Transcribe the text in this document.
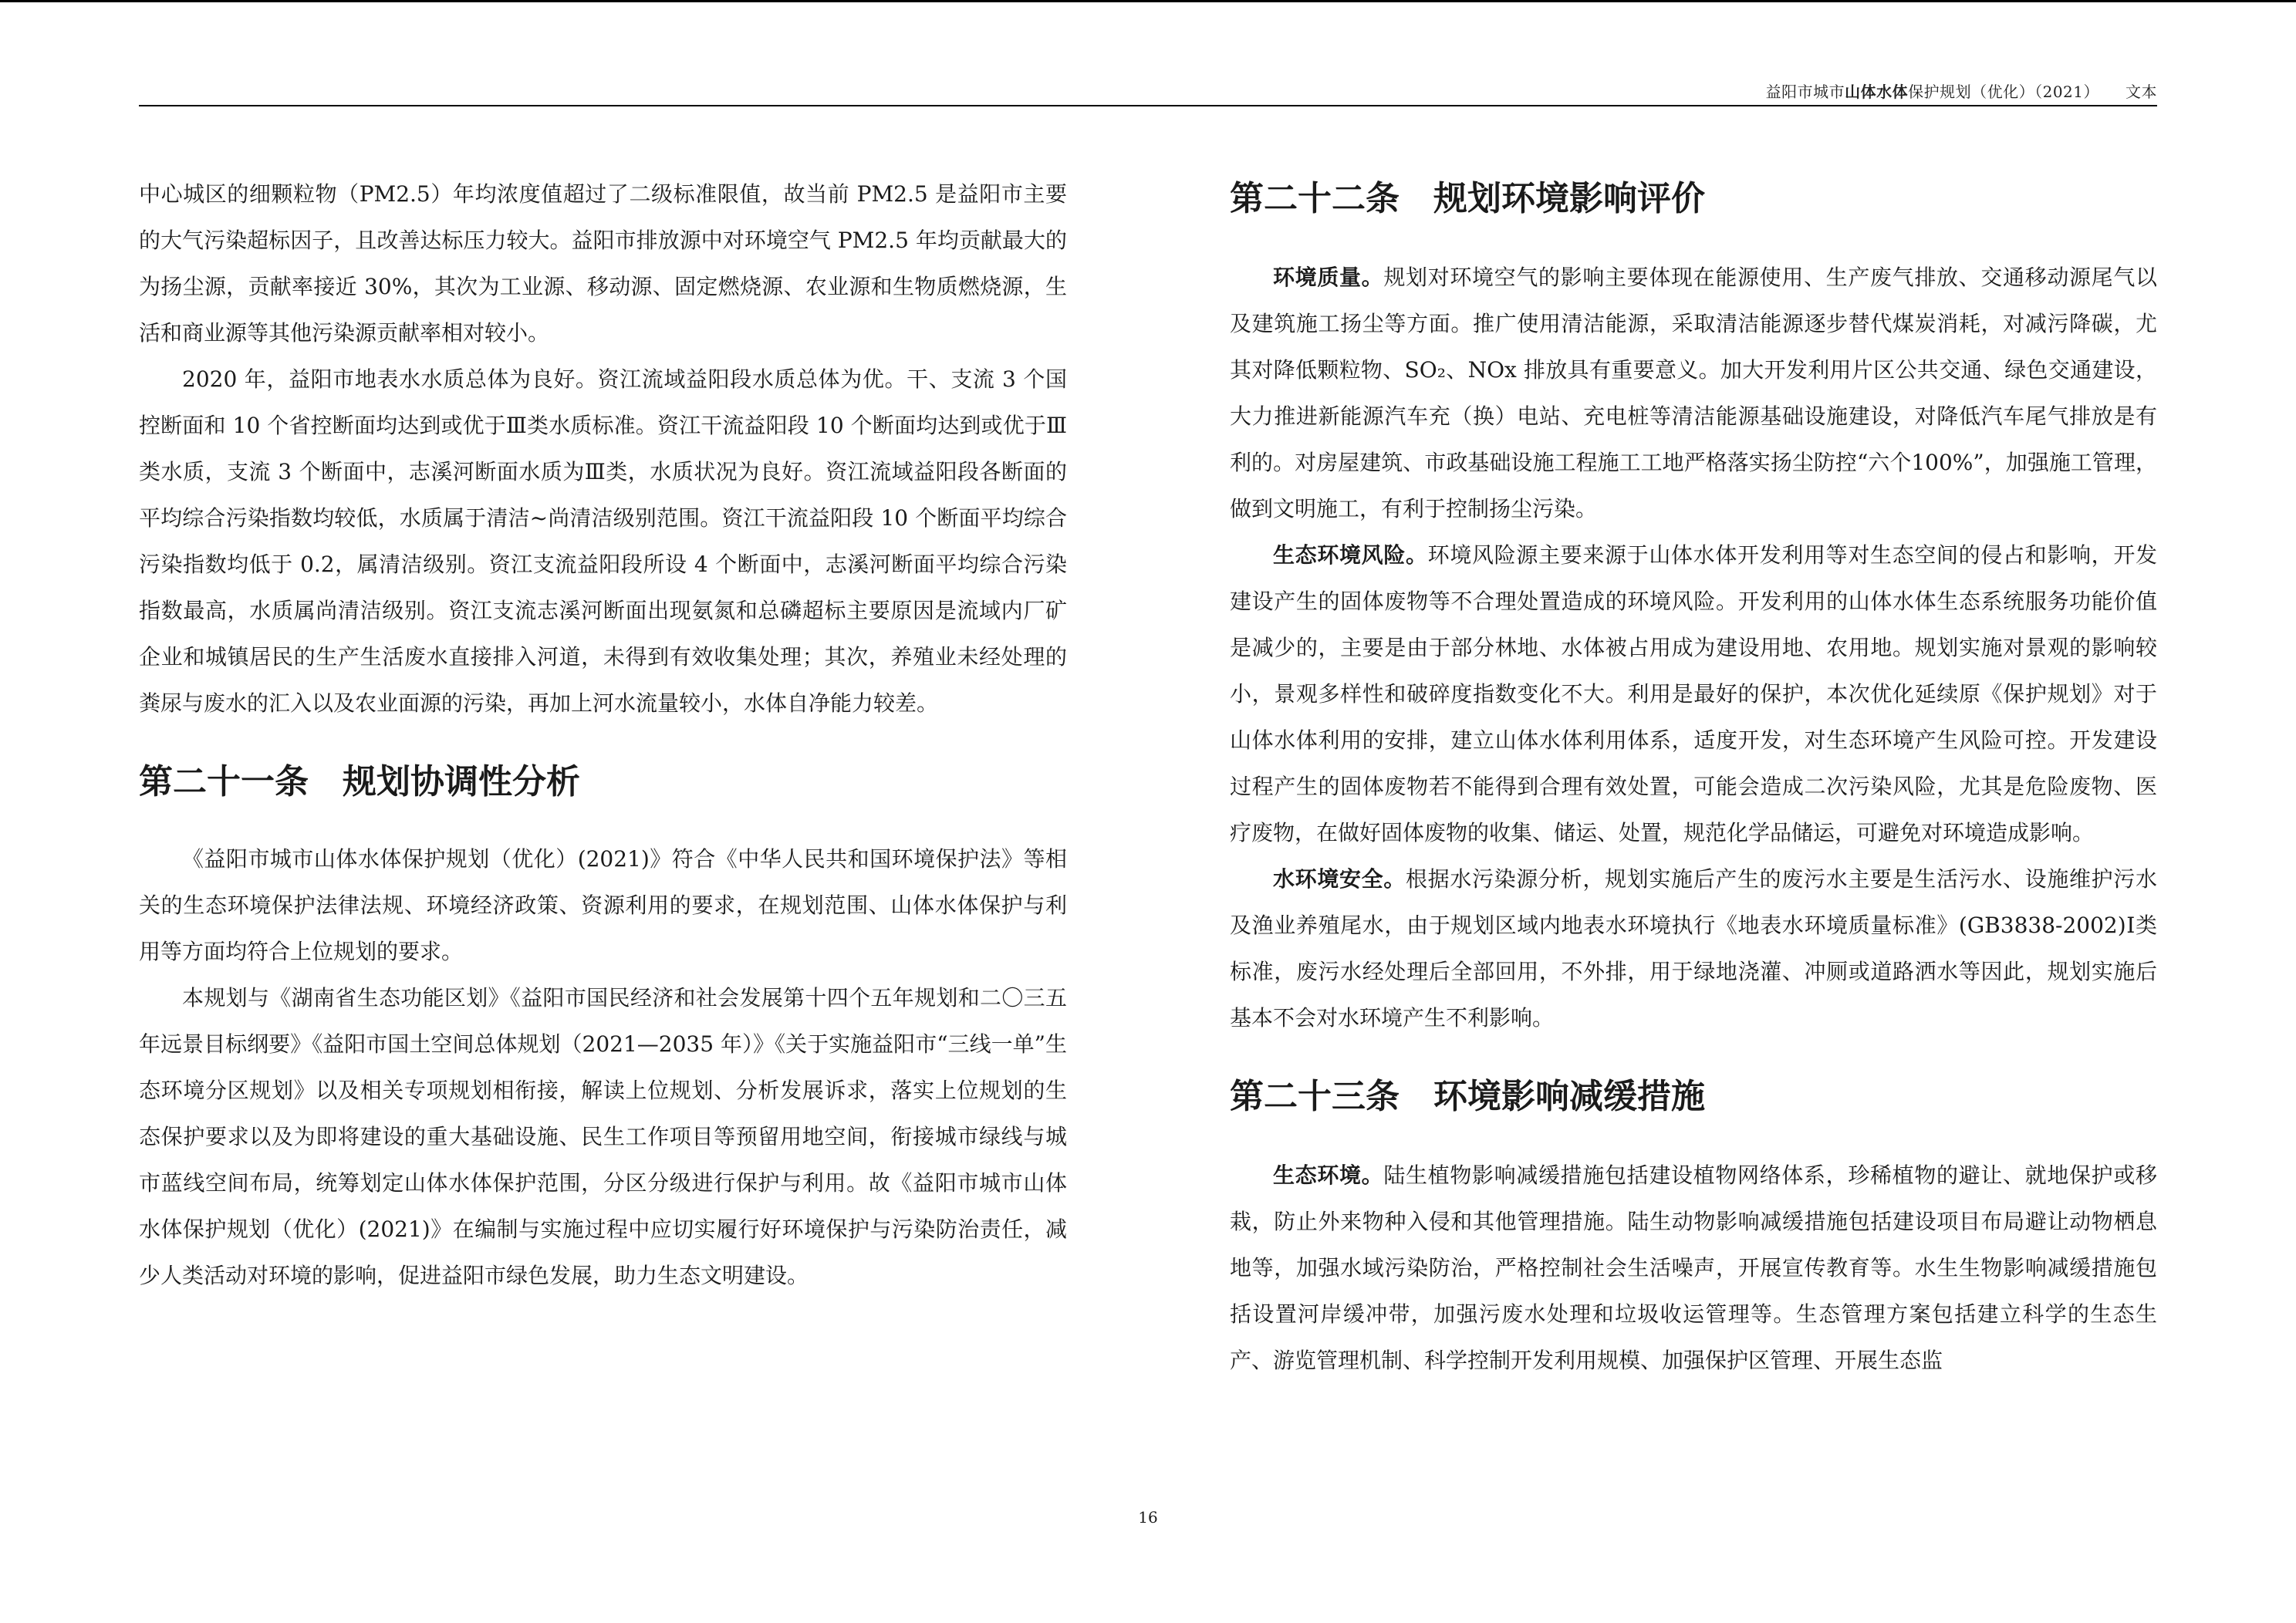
益阳市城市山体水体保护规划（优化）（2021） 文本

中心城区的细颗粒物（PM2.5）年均浓度值超过了二级标准限值，故当前 PM2.5 是益阳市主要的大气污染超标因子，且改善达标压力较大。益阳市排放源中对环境空气 PM2.5 年均贡献最大的为扬尘源，贡献率接近 30%，其次为工业源、移动源、固定燃烧源、农业源和生物质燃烧源，生活和商业源等其他污染源贡献率相对较小。

2020 年，益阳市地表水水质总体为良好。资江流域益阳段水质总体为优。干、支流 3 个国控断面和 10 个省控断面均达到或优于Ⅲ类水质标准。资江干流益阳段 10 个断面均达到或优于Ⅲ类水质，支流 3 个断面中，志溪河断面水质为Ⅲ类，水质状况为良好。资江流域益阳段各断面的平均综合污染指数均较低，水质属于清洁~尚清洁级别范围。资江干流益阳段 10 个断面平均综合污染指数均低于 0.2，属清洁级别。资江支流益阳段所设 4 个断面中，志溪河断面平均综合污染指数最高，水质属尚清洁级别。资江支流志溪河断面出现氨氮和总磷超标主要原因是流域内厂矿企业和城镇居民的生产生活废水直接排入河道，未得到有效收集处理；其次，养殖业未经处理的粪尿与废水的汇入以及农业面源的污染，再加上河水流量较小，水体自净能力较差。

第二十一条 规划协调性分析

《益阳市城市山体水体保护规划（优化）(2021)》符合《中华人民共和国环境保护法》等相关的生态环境保护法律法规、环境经济政策、资源利用的要求，在规划范围、山体水体保护与利用等方面均符合上位规划的要求。

本规划与《湖南省生态功能区划》《益阳市国民经济和社会发展第十四个五年规划和二〇三五年远景目标纲要》《益阳市国土空间总体规划（2021—2035 年）》《关于实施益阳市“三线一单”生态环境分区规划》以及相关专项规划相衔接，解读上位规划、分析发展诉求，落实上位规划的生态保护要求以及为即将建设的重大基础设施、民生工作项目等预留用地空间，衔接城市绿线与城市蓝线空间布局，统筹划定山体水体保护范围，分区分级进行保护与利用。故《益阳市城市山体水体保护规划（优化）(2021)》在编制与实施过程中应切实履行好环境保护与污染防治责任，减少人类活动对环境的影响，促进益阳市绿色发展，助力生态文明建设。

第二十二条 规划环境影响评价

环境质量。规划对环境空气的影响主要体现在能源使用、生产废气排放、交通移动源尾气以及建筑施工扬尘等方面。推广使用清洁能源，采取清洁能源逐步替代煤炭消耗，对减污降碳，尤其对降低颗粒物、SO₂、NOx 排放具有重要意义。加大开发利用片区公共交通、绿色交通建设，大力推进新能源汽车充（换）电站、充电桩等清洁能源基础设施建设，对降低汽车尾气排放是有利的。对房屋建筑、市政基础设施工程施工工地严格落实扬尘防控“六个100%”，加强施工管理，做到文明施工，有利于控制扬尘污染。

生态环境风险。环境风险源主要来源于山体水体开发利用等对生态空间的侵占和影响，开发建设产生的固体废物等不合理处置造成的环境风险。开发利用的山体水体生态系统服务功能价值是减少的，主要是由于部分林地、水体被占用成为建设用地、农用地。规划实施对景观的影响较小，景观多样性和破碎度指数变化不大。利用是最好的保护，本次优化延续原《保护规划》对于山体水体利用的安排，建立山体水体利用体系，适度开发，对生态环境产生风险可控。开发建设过程产生的固体废物若不能得到合理有效处置，可能会造成二次污染风险，尤其是危险废物、医疗废物，在做好固体废物的收集、储运、处置，规范化学品储运，可避免对环境造成影响。

水环境安全。根据水污染源分析，规划实施后产生的废污水主要是生活污水、设施维护污水及渔业养殖尾水，由于规划区域内地表水环境执行《地表水环境质量标准》(GB3838-2002)Ⅰ类标准，废污水经处理后全部回用，不外排，用于绿地浇灌、冲厕或道路洒水等因此，规划实施后基本不会对水环境产生不利影响。

第二十三条 环境影响减缓措施

生态环境。陆生植物影响减缓措施包括建设植物网络体系，珍稀植物的避让、就地保护或移栽，防止外来物种入侵和其他管理措施。陆生动物影响减缓措施包括建设项目布局避让动物栖息地等，加强水域污染防治，严格控制社会生活噪声，开展宣传教育等。水生生物影响减缓措施包括设置河岸缓冲带，加强污废水处理和垃圾收运管理等。生态管理方案包括建立科学的生态生产、游览管理机制、科学控制开发利用规模、加强保护区管理、开展生态监

16
